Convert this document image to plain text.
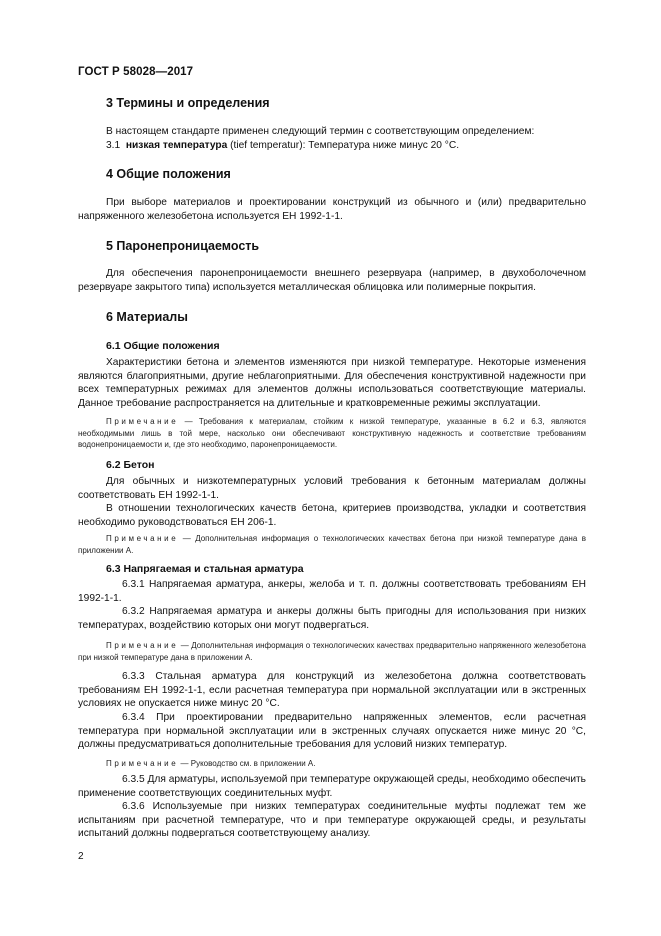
ГОСТ Р 58028—2017
3 Термины и определения
В настоящем стандарте применен следующий термин с соответствующим определением:
3.1 низкая температура (tief temperatur): Температура ниже минус 20 °С.
4 Общие положения
При выборе материалов и проектировании конструкций из обычного и (или) предварительно напряженного железобетона используется ЕН 1992-1-1.
5 Паронепроницаемость
Для обеспечения паронепроницаемости внешнего резервуара (например, в двухоболочечном резервуаре закрытого типа) используется металлическая облицовка или полимерные покрытия.
6 Материалы
6.1 Общие положения
Характеристики бетона и элементов изменяются при низкой температуре. Некоторые изменения являются благоприятными, другие неблагоприятными. Для обеспечения конструктивной надежности при всех температурных режимах для элементов должны использоваться соответствующие материалы. Данное требование распространяется на длительные и кратковременные режимы эксплуатации.
Примечание — Требования к материалам, стойким к низкой температуре, указанные в 6.2 и 6.3, являются необходимыми лишь в той мере, насколько они обеспечивают конструктивную надежность и соответствие требованиям водонепроницаемости и, где это необходимо, паронепроницаемости.
6.2 Бетон
Для обычных и низкотемпературных условий требования к бетонным материалам должны соответствовать ЕН 1992-1-1.
В отношении технологических качеств бетона, критериев производства, укладки и соответствия необходимо руководствоваться ЕН 206-1.
Примечание — Дополнительная информация о технологических качествах бетона при низкой температуре дана в приложении А.
6.3 Напрягаемая и стальная арматура
6.3.1 Напрягаемая арматура, анкеры, желоба и т. п. должны соответствовать требованиям ЕН 1992-1-1.
6.3.2 Напрягаемая арматура и анкеры должны быть пригодны для использования при низких температурах, воздействию которых они могут подвергаться.
Примечание — Дополнительная информация о технологических качествах предварительно напряженного железобетона при низкой температуре дана в приложении А.
6.3.3 Стальная арматура для конструкций из железобетона должна соответствовать требованиям ЕН 1992-1-1, если расчетная температура при нормальной эксплуатации или в экстренных условиях не опускается ниже минус 20 °С.
6.3.4 При проектировании предварительно напряженных элементов, если расчетная температура при нормальной эксплуатации или в экстренных случаях опускается ниже минус 20 °С, должны предусматриваться дополнительные требования для условий низких температур.
Примечание — Руководство см. в приложении А.
6.3.5 Для арматуры, используемой при температуре окружающей среды, необходимо обеспечить применение соответствующих соединительных муфт.
6.3.6 Используемые при низких температурах соединительные муфты подлежат тем же испытаниям при расчетной температуре, что и при температуре окружающей среды, и результаты испытаний должны подвергаться соответствующему анализу.
2
